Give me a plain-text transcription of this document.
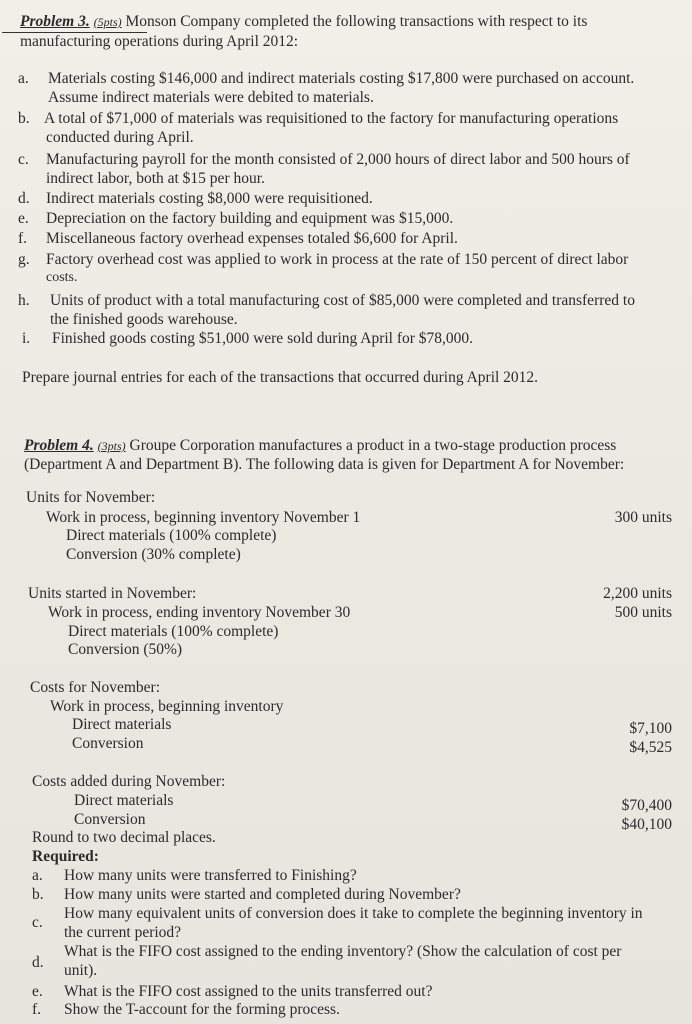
Problem 3. (5pts) Monson Company completed the following transactions with respect to its
manufacturing operations during April 2012:
a. Materials costing $146,000 and indirect materials costing $17,800 were purchased on account.
Assume indirect materials were debited to materials.
b. A total of $71,000 of materials was requisitioned to the factory for manufacturing operations
conducted during April.
c. Manufacturing payroll for the month consisted of 2,000 hours of direct labor and 500 hours of
indirect labor, both at $15 per hour.
d. Indirect materials costing $8,000 were requisitioned.
e. Depreciation on the factory building and equipment was $15,000.
f. Miscellaneous factory overhead expenses totaled $6,600 for April.
g. Factory overhead cost was applied to work in process at the rate of 150 percent of direct labor
costs.
h. Units of product with a total manufacturing cost of $85,000 were completed and transferred to
the finished goods warehouse.
i. Finished goods costing $51,000 were sold during April for $78,000.
Prepare journal entries for each of the transactions that occurred during April 2012.
Problem 4. (3pts) Groupe Corporation manufactures a product in a two-stage production process
(Department A and Department B). The following data is given for Department A for November:
Units for November:
Work in process, beginning inventory November 1	300 units
Direct materials (100% complete)
Conversion (30% complete)
Units started in November:	2,200 units
Work in process, ending inventory November 30	500 units
Direct materials (100% complete)
Conversion (50%)
Costs for November:
Work in process, beginning inventory
Direct materials	$7,100
Conversion	$4,525
Costs added during November:
Direct materials	$70,400
Conversion	$40,100
Round to two decimal places.
Required:
a. How many units were transferred to Finishing?
b. How many units were started and completed during November?
c.
How many equivalent units of conversion does it take to complete the beginning inventory in
the current period?
d.
What is the FIFO cost assigned to the ending inventory? (Show the calculation of cost per
unit).
e. What is the FIFO cost assigned to the units transferred out?
f. Show the T-account for the forming process.
